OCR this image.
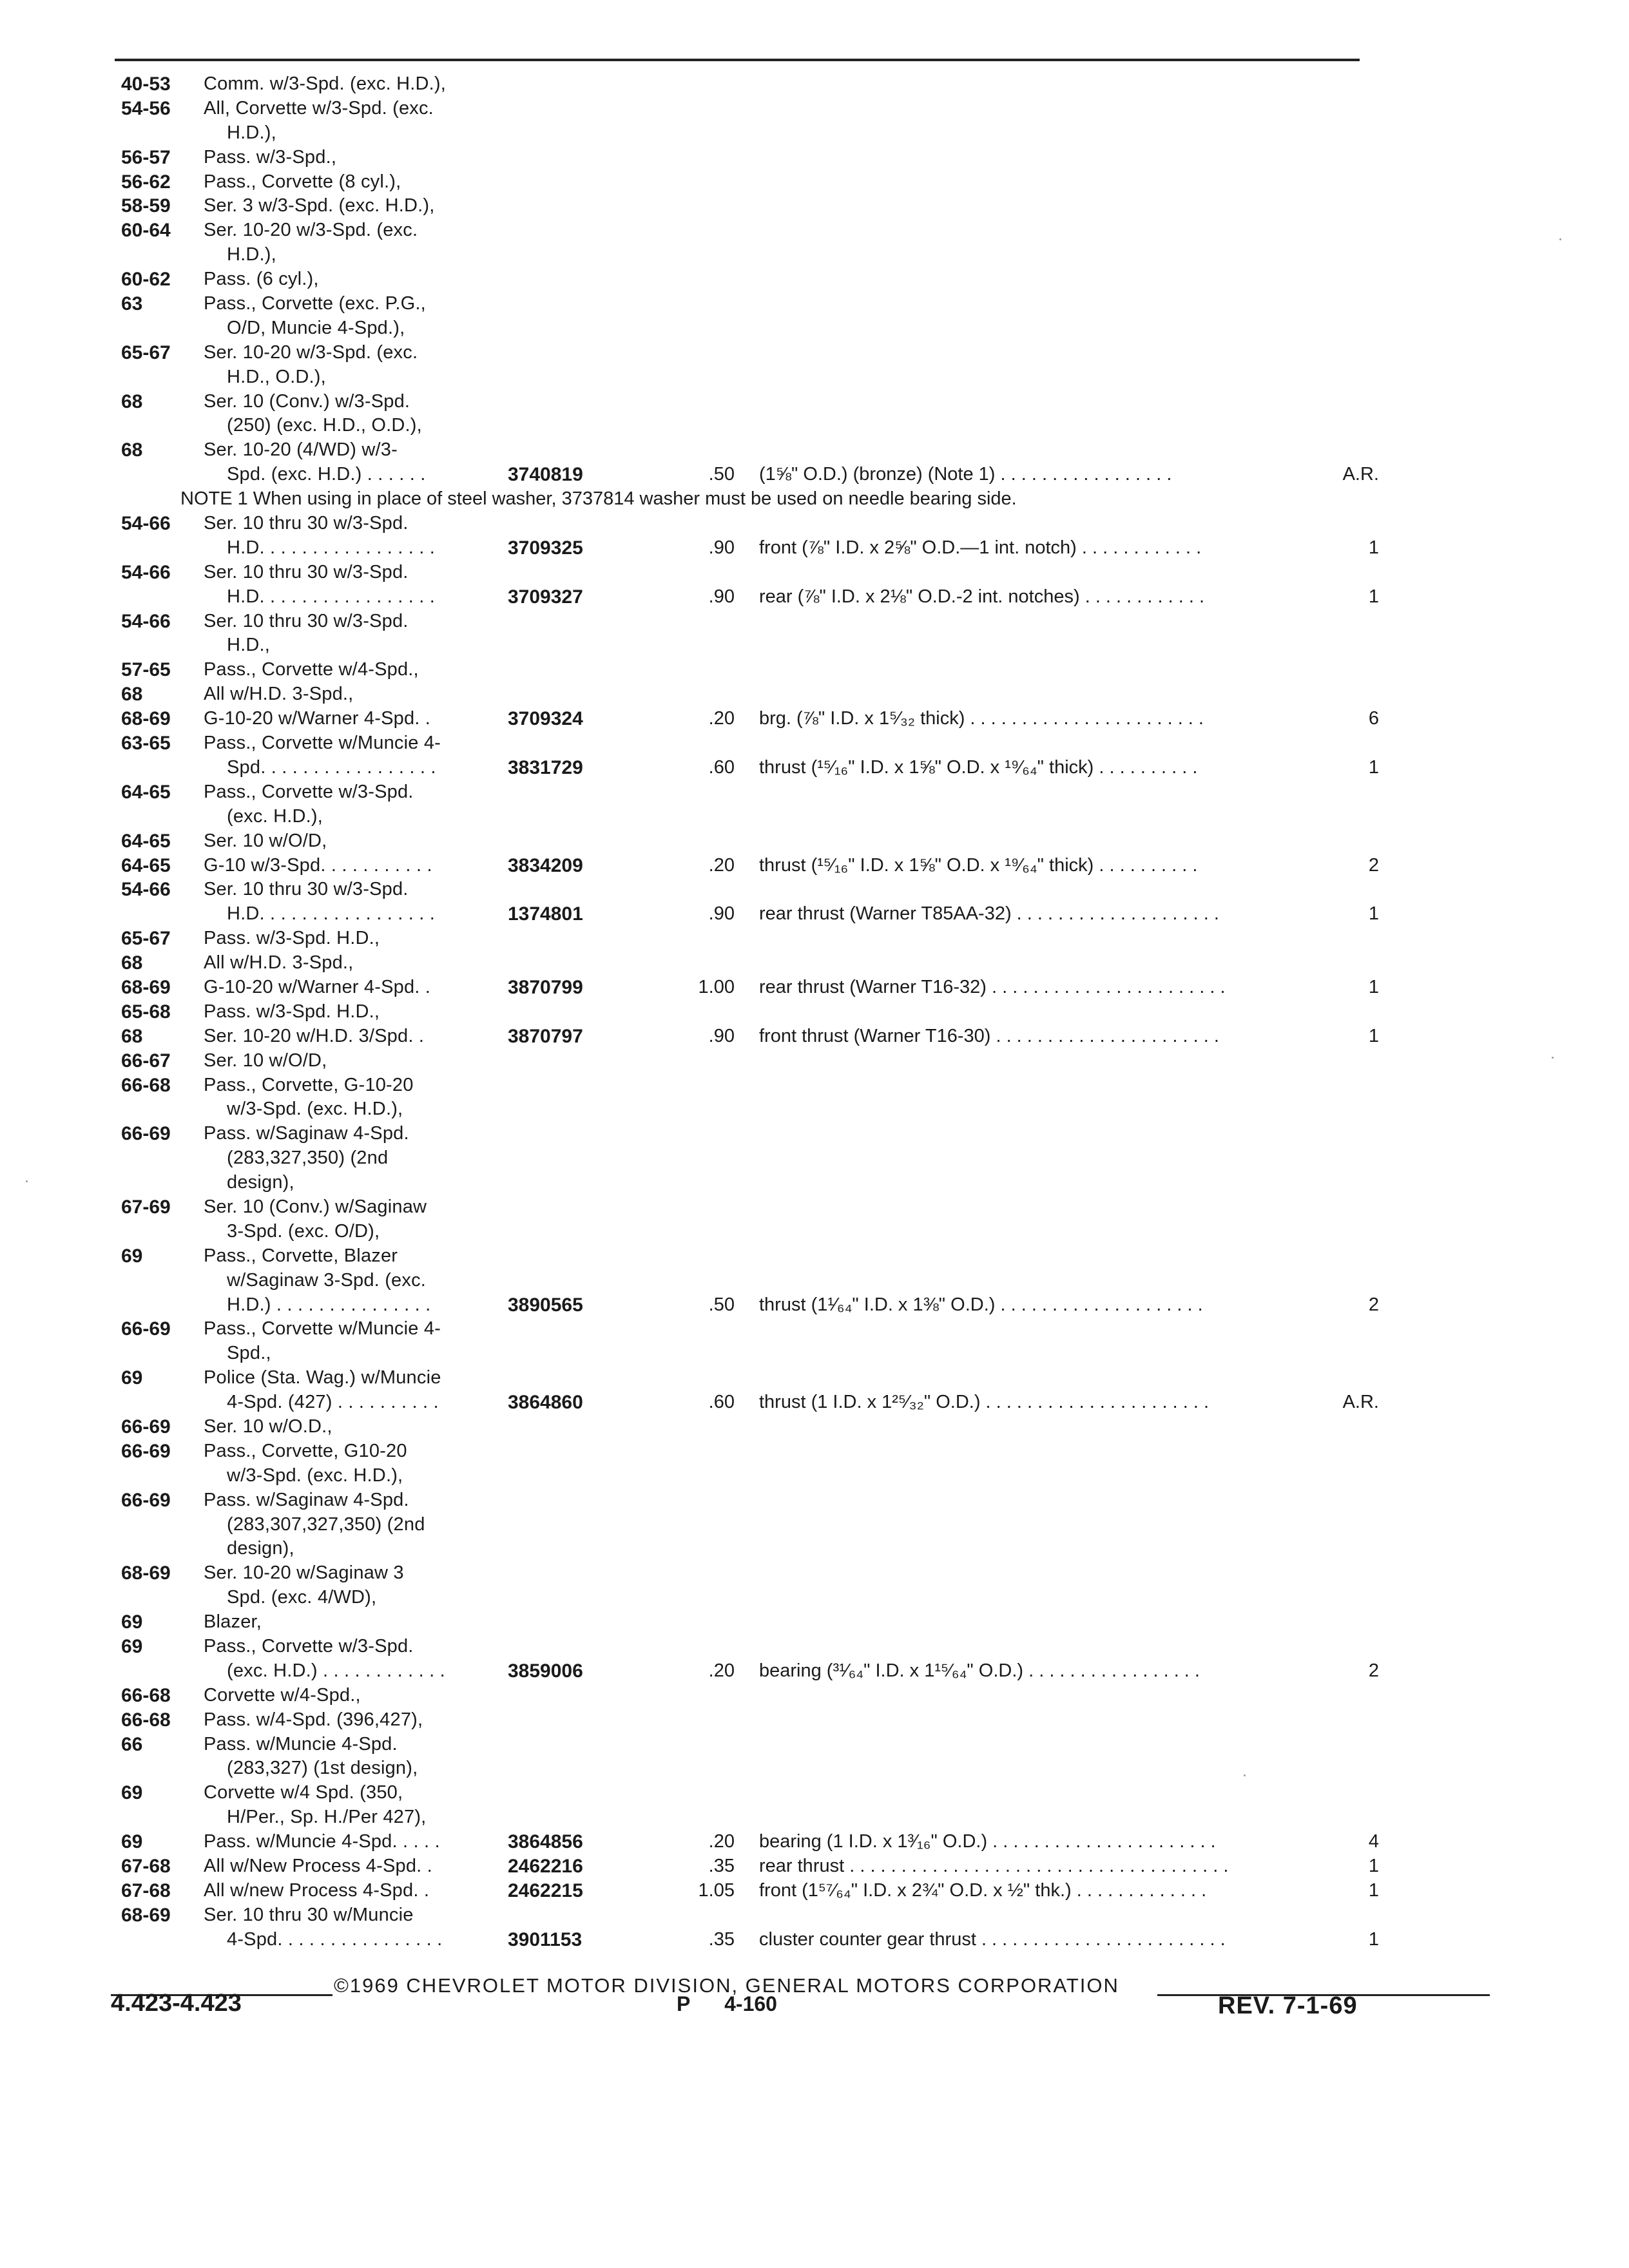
40-53 Comm. w/3-Spd. (exc. H.D.),
54-56 All, Corvette w/3-Spd. (exc.
H.D.),
56-57 Pass. w/3-Spd.,
56-62 Pass., Corvette (8 cyl.),
58-59 Ser. 3 w/3-Spd. (exc. H.D.),
60-64 Ser. 10-20 w/3-Spd. (exc.
H.D.),
60-62 Pass. (6 cyl.),
63	Pass., Corvette (exc. P.G.,
O/D, Muncie 4-Spd.),
65-67 Ser. 10-20 w/3-Spd. (exc.
H.D., O.D.),
68	Ser. 10 (Conv.) w/3-Spd.
(250) (exc. H.D., O.D.),
68	Ser. 10-20 (4/WD) w/3-
Spd. (exc. H.D.) . . . . . .	3740819	.50 (1⅝" O.D.) (bronze) (Note 1) . . . . . . . . . . . . . . . . .	A.R.
NOTE 1 When using in place of steel washer, 3737814 washer must be used on needle bearing side.
54-66 Ser. 10 thru 30 w/3-Spd.
H.D. . . . . . . . . . . . . . . . .	3709325	.90 front (⅞" I.D. x 2⅝" O.D.—1 int. notch) . . . . . . . . . . . .	1
54-66 Ser. 10 thru 30 w/3-Spd.
H.D. . . . . . . . . . . . . . . . .	3709327	.90 rear (⅞" I.D. x 2⅛" O.D.-2 int. notches) . . . . . . . . . . . .	1
54-66 Ser. 10 thru 30 w/3-Spd.
H.D.,
57-65 Pass., Corvette w/4-Spd.,
68	All w/H.D. 3-Spd.,
68-69 G-10-20 w/Warner 4-Spd. .	3709324	.20 brg. (⅞" I.D. x 1⁵⁄₃₂ thick) . . . . . . . . . . . . . . . . . . . . . . .	6
63-65 Pass., Corvette w/Muncie 4-
Spd. . . . . . . . . . . . . . . . .	3831729	.60 thrust (¹⁵⁄₁₆" I.D. x 1⅝" O.D. x ¹⁹⁄₆₄" thick) . . . . . . . . . .	1
64-65 Pass., Corvette w/3-Spd.
(exc. H.D.),
64-65 Ser. 10 w/O/D,
64-65 G-10 w/3-Spd. . . . . . . . . . .	3834209	.20 thrust (¹⁵⁄₁₆" I.D. x 1⅝" O.D. x ¹⁹⁄₆₄" thick) . . . . . . . . . .	2
54-66 Ser. 10 thru 30 w/3-Spd.
H.D. . . . . . . . . . . . . . . . .	1374801	.90 rear thrust (Warner T85AA-32) . . . . . . . . . . . . . . . . . . . .	1
65-67 Pass. w/3-Spd. H.D.,
68	All w/H.D. 3-Spd.,
68-69 G-10-20 w/Warner 4-Spd. .	3870799	1.00 rear thrust (Warner T16-32) . . . . . . . . . . . . . . . . . . . . . . .	1
65-68 Pass. w/3-Spd. H.D.,
68	Ser. 10-20 w/H.D. 3/Spd. .	3870797	.90 front thrust (Warner T16-30) . . . . . . . . . . . . . . . . . . . . . .	1
66-67 Ser. 10 w/O/D,
66-68 Pass., Corvette, G-10-20
w/3-Spd. (exc. H.D.),
66-69 Pass. w/Saginaw 4-Spd.
(283,327,350) (2nd
design),
67-69 Ser. 10 (Conv.) w/Saginaw
3-Spd. (exc. O/D),
69	Pass., Corvette, Blazer
w/Saginaw 3-Spd. (exc.
H.D.) . . . . . . . . . . . . . . .	3890565	.50 thrust (1¹⁄₆₄" I.D. x 1⅜" O.D.) . . . . . . . . . . . . . . . . . . . .	2
66-69 Pass., Corvette w/Muncie 4-
Spd.,
69	Police (Sta. Wag.) w/Muncie
4-Spd. (427) . . . . . . . . . .	3864860	.60 thrust (1 I.D. x 1²⁵⁄₃₂" O.D.) . . . . . . . . . . . . . . . . . . . . . .	A.R.
66-69 Ser. 10 w/O.D.,
66-69 Pass., Corvette, G10-20
w/3-Spd. (exc. H.D.),
66-69 Pass. w/Saginaw 4-Spd.
(283,307,327,350) (2nd
design),
68-69 Ser. 10-20 w/Saginaw 3
Spd. (exc. 4/WD),
69	Blazer,
69	Pass., Corvette w/3-Spd.
(exc. H.D.) . . . . . . . . . . . .	3859006	.20 bearing (³¹⁄₆₄" I.D. x 1¹⁵⁄₆₄" O.D.) . . . . . . . . . . . . . . . . .	2
66-68 Corvette w/4-Spd.,
66-68 Pass. w/4-Spd. (396,427),
66	Pass. w/Muncie 4-Spd.
(283,327) (1st design),
69	Corvette w/4 Spd. (350,
H/Per., Sp. H./Per 427),
69	Pass. w/Muncie 4-Spd. . . . .	3864856	.20 bearing (1 I.D. x 1³⁄₁₆" O.D.) . . . . . . . . . . . . . . . . . . . . . .	4
67-68 All w/New Process 4-Spd. .	2462216	.35 rear thrust . . . . . . . . . . . . . . . . . . . . . . . . . . . . . . . . . . . . .	1
67-68 All w/new Process 4-Spd. .	2462215	1.05 front (1⁵⁷⁄₆₄" I.D. x 2¾" O.D. x ½" thk.) . . . . . . . . . . . . .	1
68-69 Ser. 10 thru 30 w/Muncie
4-Spd. . . . . . . . . . . . . . . .	3901153	.35 cluster counter gear thrust . . . . . . . . . . . . . . . . . . . . . . . .	1
©1969 CHEVROLET MOTOR DIVISION, GENERAL MOTORS CORPORATION
4.423-4.423	P      4-160	REV. 7-1-69
